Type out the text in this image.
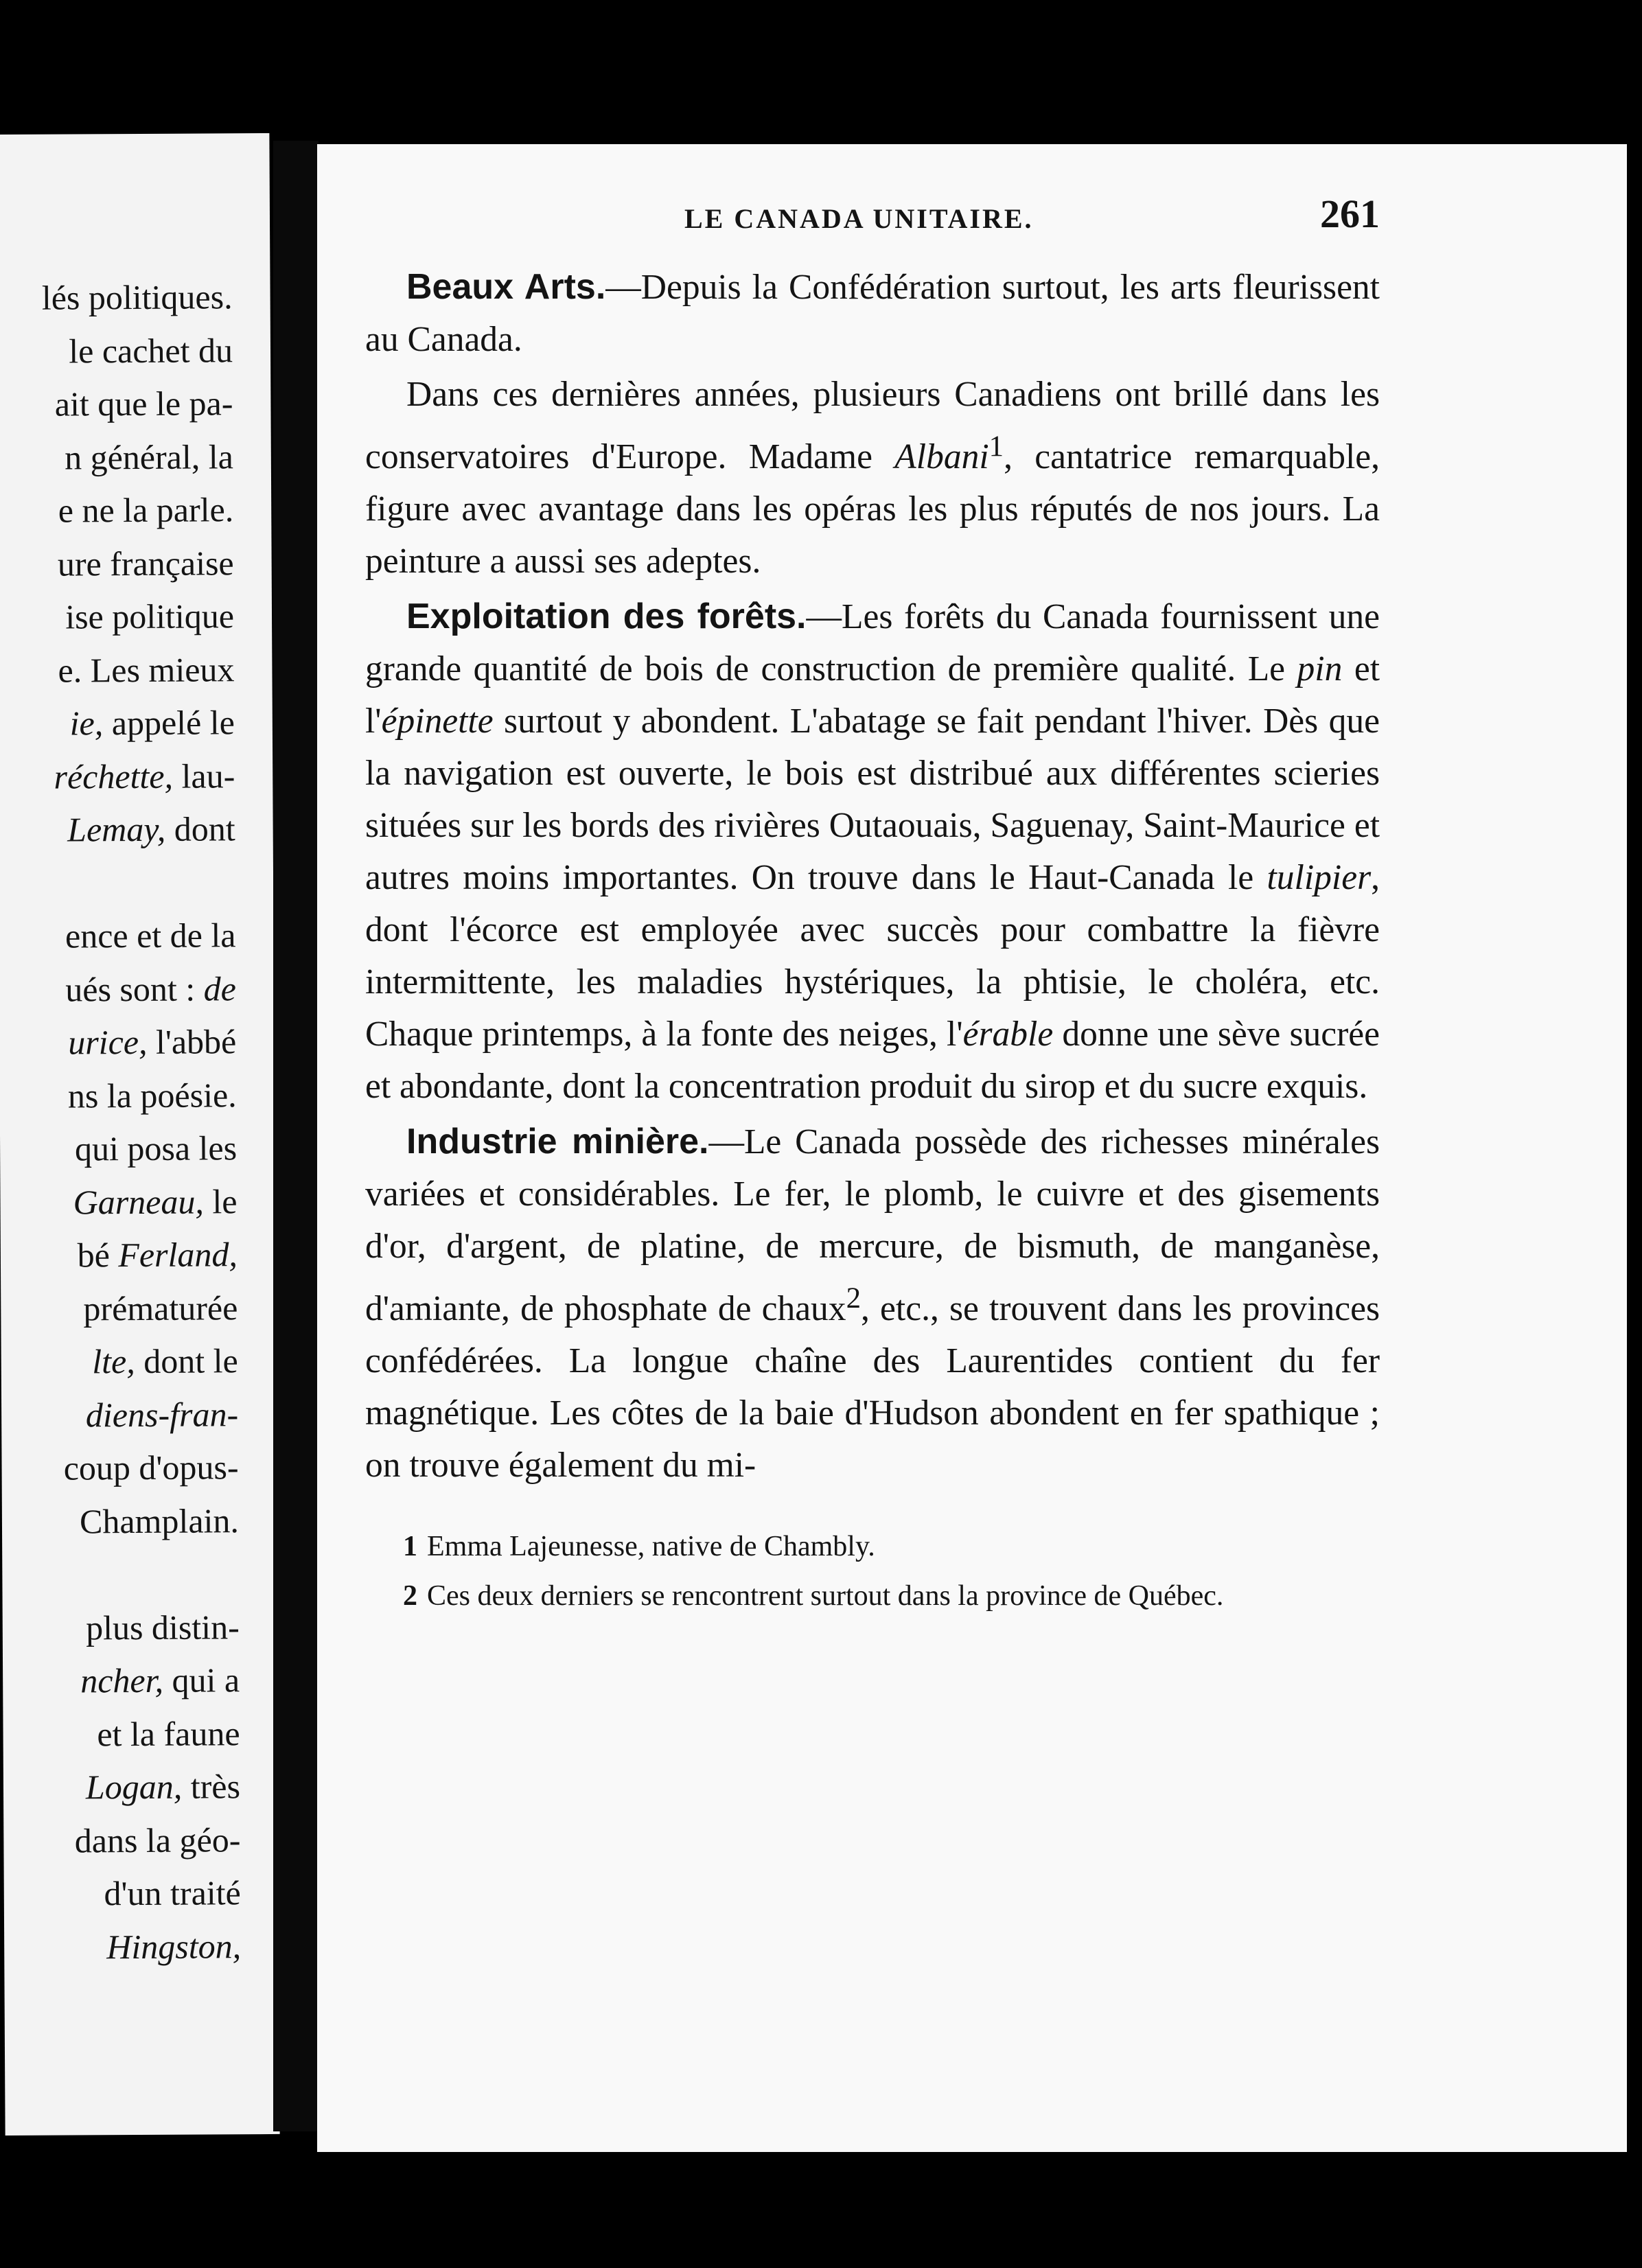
lés politiques.
le cachet du
ait que le pa-
n général, la
e ne la parle.
ure française
ise politique
e. Les mieux
ie, appelé le
réchette, lau-
Lemay, dont
ence et de la
ués sont : de
urice, l'abbé
ns la poésie.
qui posa les
Garneau, le
bé Ferland,
prématurée
lte, dont le
diens-fran-
coup d'opus-
Champlain.
plus distin-
ncher, qui a
et la faune
Logan, très
dans la géo-
d'un traité
Hingston,
LE CANADA UNITAIRE.	261

Beaux Arts.—Depuis la Confédération surtout, les arts fleurissent au Canada.

Dans ces dernières années, plusieurs Canadiens ont brillé dans les conservatoires d'Europe. Madame Albani$^1$, cantatrice remarquable, figure avec avantage dans les opéras les plus réputés de nos jours. La peinture a aussi ses adeptes.

Exploitation des forêts.—Les forêts du Canada fournissent une grande quantité de bois de construction de première qualité. Le pin et l'épinette surtout y abondent. L'abatage se fait pendant l'hiver. Dès que la navigation est ouverte, le bois est distribué aux différentes scieries situées sur les bords des rivières Outaouais, Saguenay, Saint-Maurice et autres moins importantes. On trouve dans le Haut-Canada le tulipier, dont l'écorce est employée avec succès pour combattre la fièvre intermittente, les maladies hystériques, la phtisie, le choléra, etc. Chaque printemps, à la fonte des neiges, l'érable donne une sève sucrée et abondante, dont la concentration produit du sirop et du sucre exquis.

Industrie minière.—Le Canada possède des richesses minérales variées et considérables. Le fer, le plomb, le cuivre et des gisements d'or, d'argent, de platine, de mercure, de bismuth, de manganèse, d'amiante, de phosphate de chaux$^2$, etc., se trouvent dans les provinces confédérées. La longue chaîne des Laurentides contient du fer magnétique. Les côtes de la baie d'Hudson abondent en fer spathique ; on trouve également du mi-

1 Emma Lajeunesse, native de Chambly.

2 Ces deux derniers se rencontrent surtout dans la province de Québec.
